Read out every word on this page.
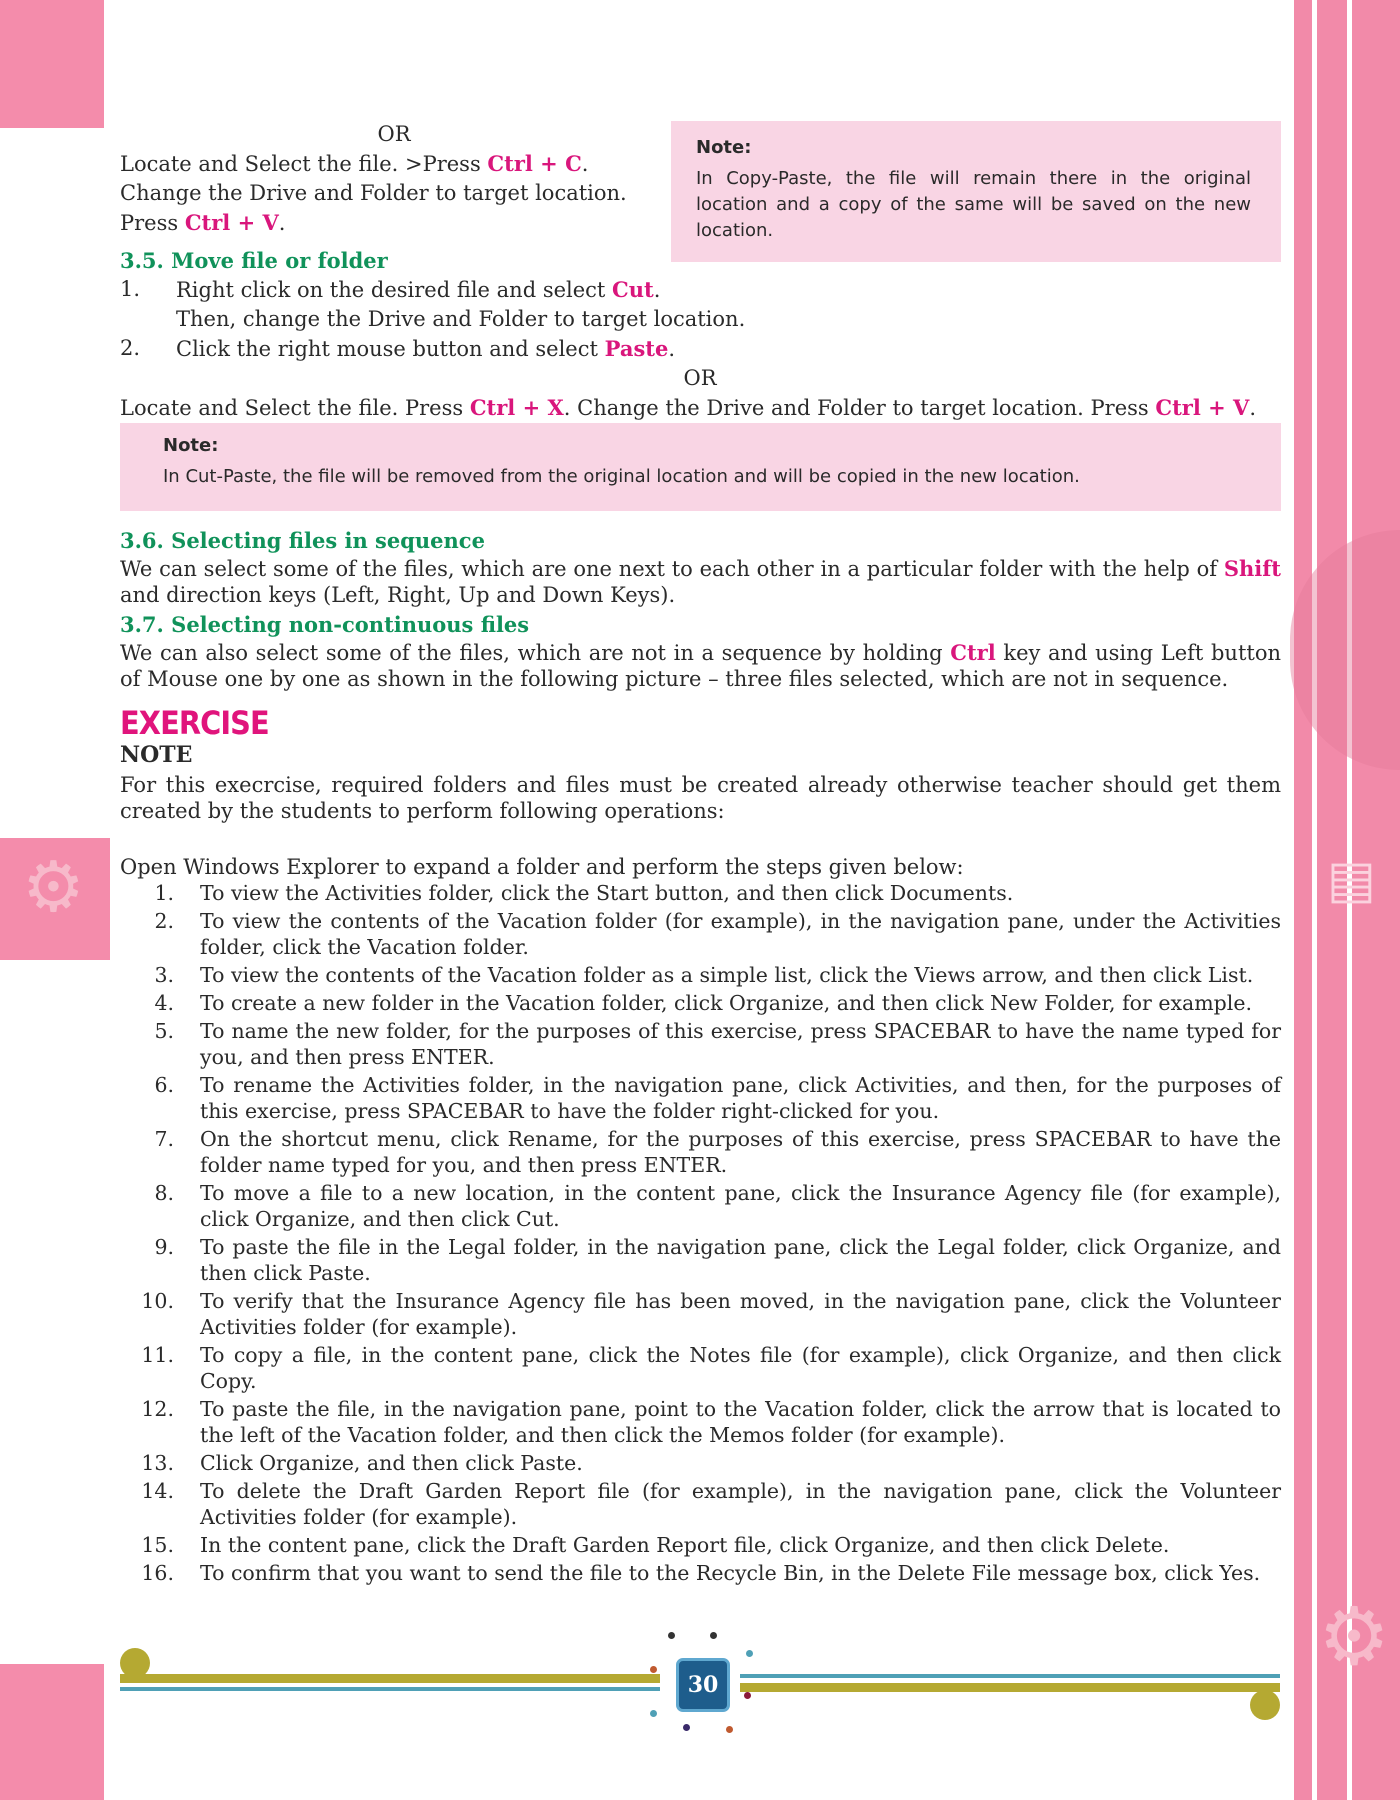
⚙	▤
⚙
OR
Locate and Select the file. >Press Ctrl + C.
Change the Drive and Folder to target location.
Press Ctrl + V.
Note:
In Copy-Paste, the file will remain there in the original location and a copy of the same will be saved on the new location.
3.5. Move file or folder
1. Right click on the desired file and select Cut.
Then, change the Drive and Folder to target location.
2. Click the right mouse button and select Paste.
OR
Locate and Select the file. Press Ctrl + X. Change the Drive and Folder to target location. Press Ctrl + V.
Note:
In Cut-Paste, the file will be removed from the original location and will be copied in the new location.
3.6. Selecting files in sequence
We can select some of the files, which are one next to each other in a particular folder with the help of Shift and direction keys (Left, Right, Up and Down Keys).
3.7. Selecting non-continuous files
We can also select some of the files, which are not in a sequence by holding Ctrl key and using Left button of Mouse one by one as shown in the following picture – three files selected, which are not in sequence.
EXERCISE
NOTE
For this execrcise, required folders and files must be created already otherwise teacher should get them created by the students to perform following operations:
Open Windows Explorer to expand a folder and perform the steps given below:
1. To view the Activities folder, click the Start button, and then click Documents.
2. To view the contents of the Vacation folder (for example), in the navigation pane, under the Activities folder, click the Vacation folder.
3. To view the contents of the Vacation folder as a simple list, click the Views arrow, and then click List.
4. To create a new folder in the Vacation folder, click Organize, and then click New Folder, for example.
5. To name the new folder, for the purposes of this exercise, press SPACEBAR to have the name typed for you, and then press ENTER.
6. To rename the Activities folder, in the navigation pane, click Activities, and then, for the purposes of this exercise, press SPACEBAR to have the folder right-clicked for you.
7. On the shortcut menu, click Rename, for the purposes of this exercise, press SPACEBAR to have the folder name typed for you, and then press ENTER.
8. To move a file to a new location, in the content pane, click the Insurance Agency file (for example), click Organize, and then click Cut.
9. To paste the file in the Legal folder, in the navigation pane, click the Legal folder, click Organize, and then click Paste.
10. To verify that the Insurance Agency file has been moved, in the navigation pane, click the Volunteer Activities folder (for example).
11. To copy a file, in the content pane, click the Notes file (for example), click Organize, and then click Copy.
12. To paste the file, in the navigation pane, point to the Vacation folder, click the arrow that is located to the left of the Vacation folder, and then click the Memos folder (for example).
13. Click Organize, and then click Paste.
14. To delete the Draft Garden Report file (for example), in the navigation pane, click the Volunteer Activities folder (for example).
15. In the content pane, click the Draft Garden Report file, click Organize, and then click Delete.
16. To confirm that you want to send the file to the Recycle Bin, in the Delete File message box, click Yes.
30
